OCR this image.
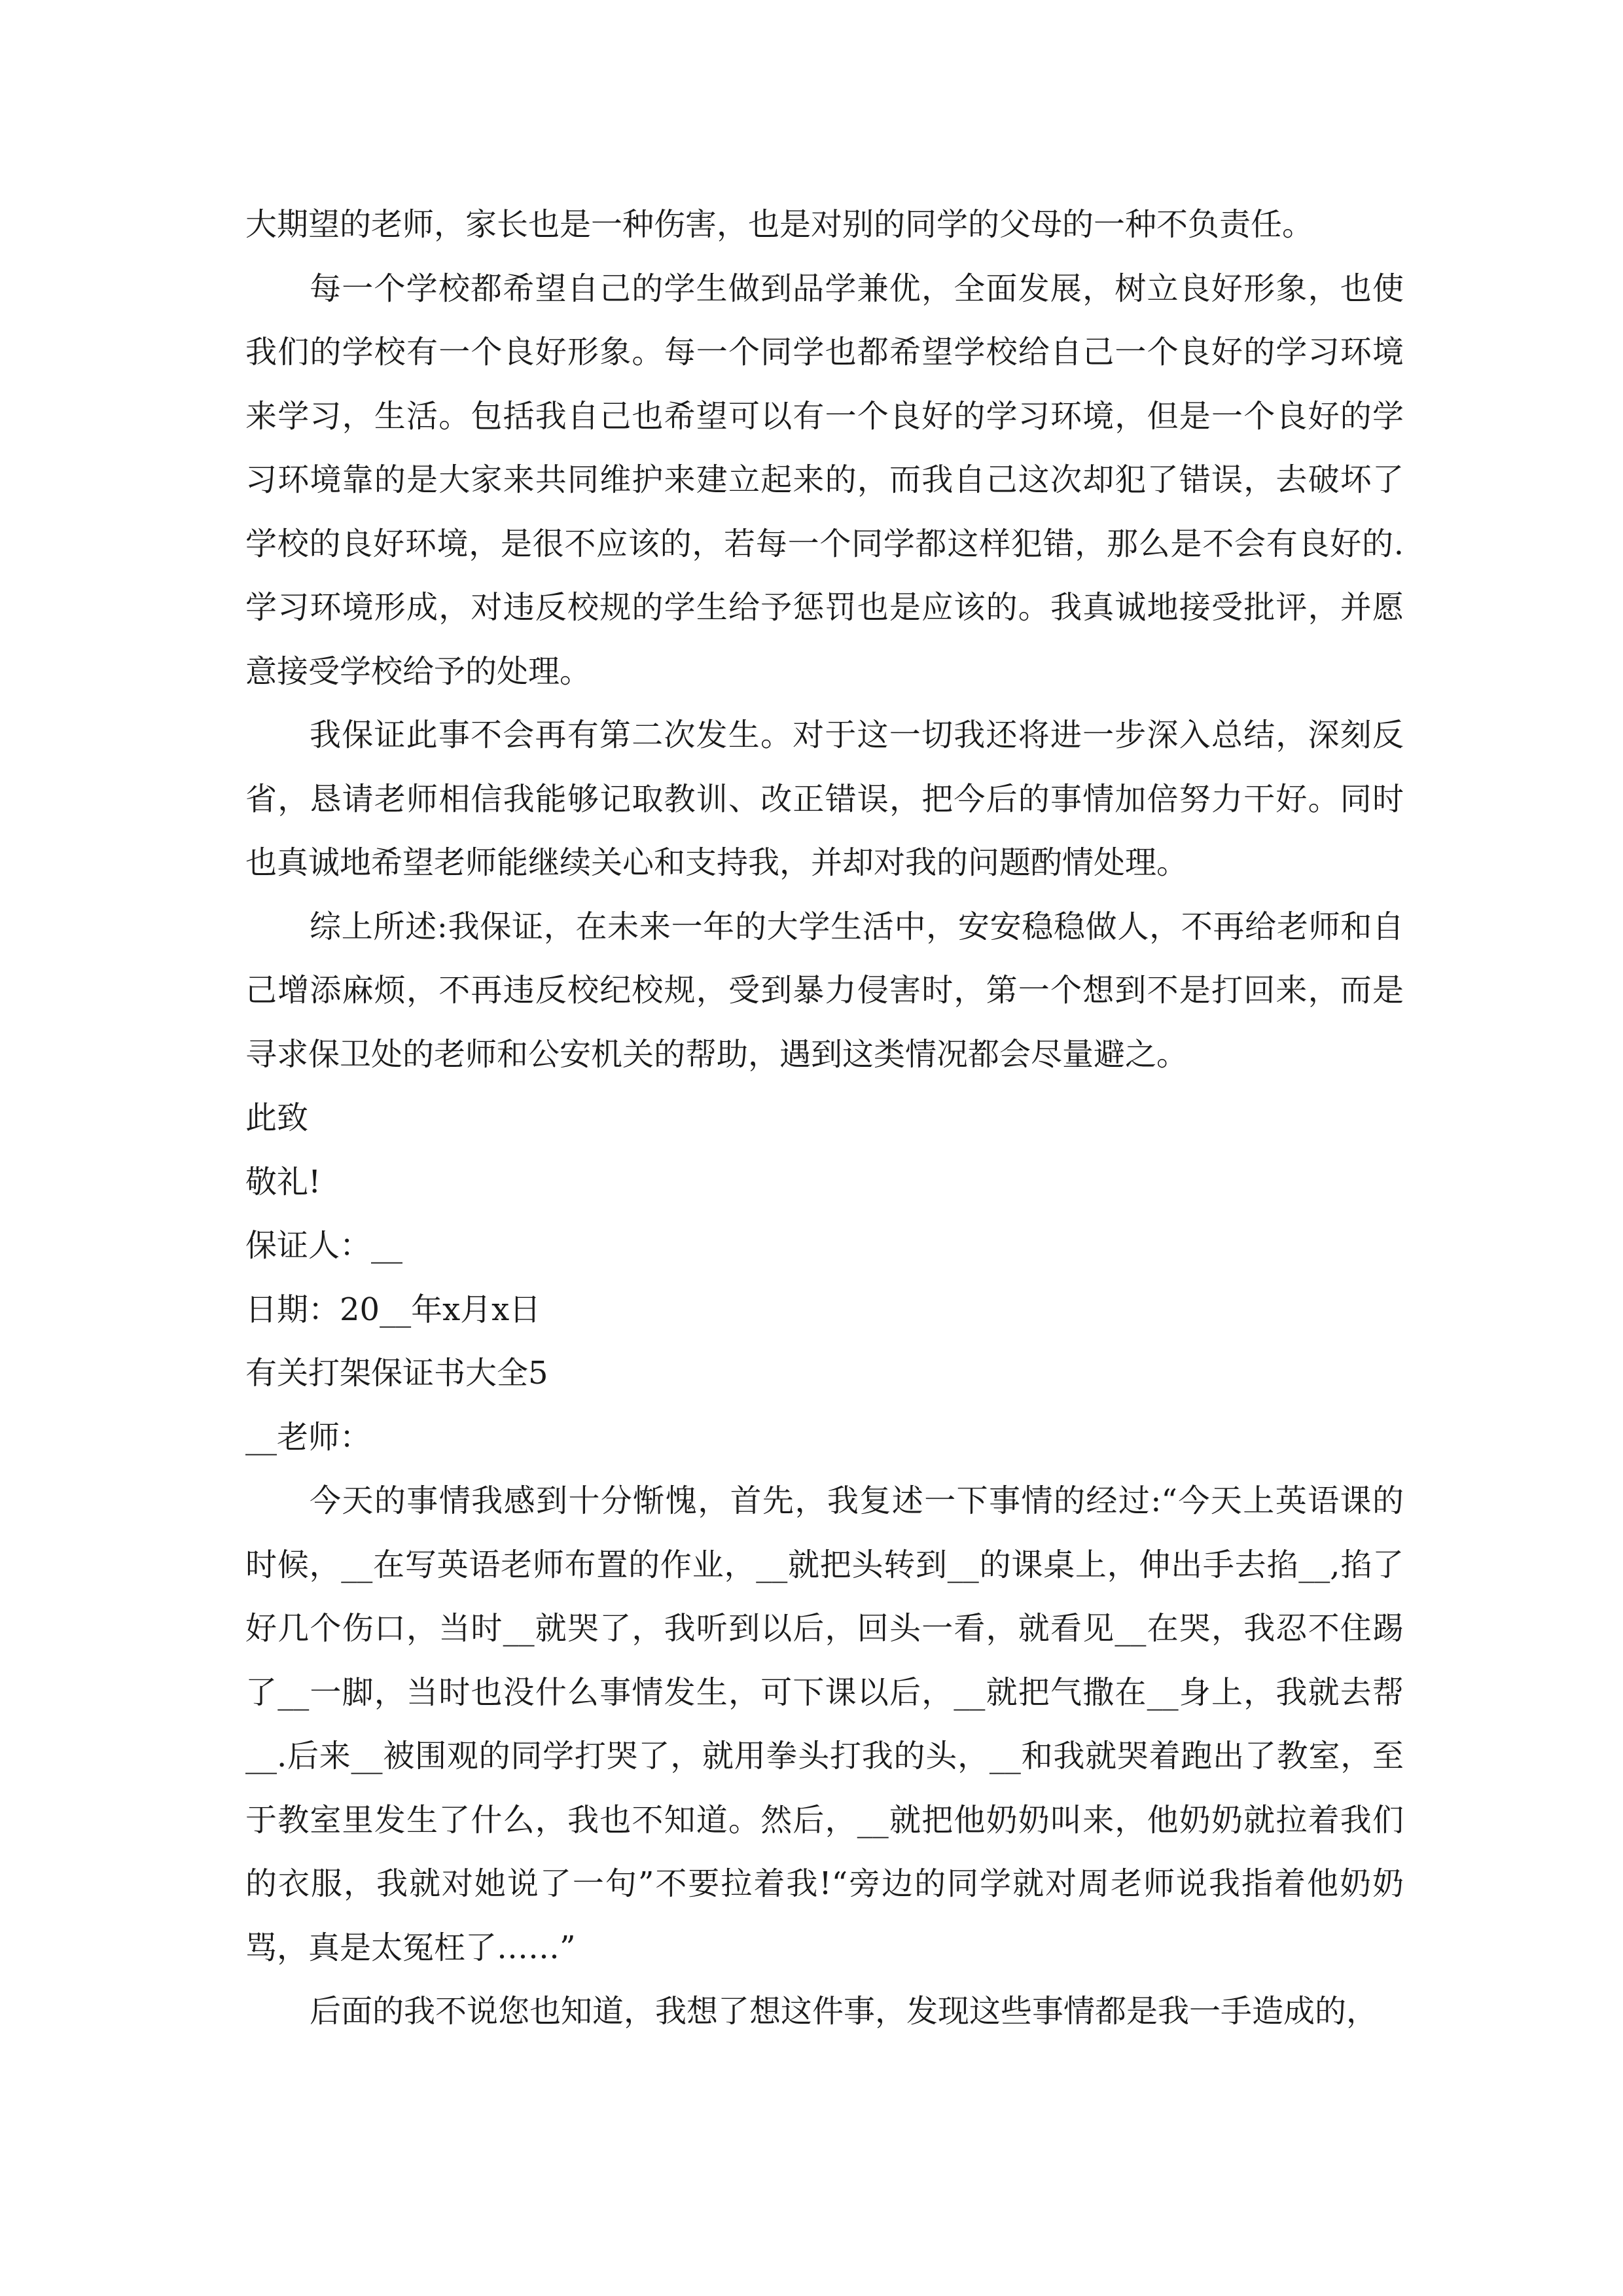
大期望的老师，家长也是一种伤害，也是对别的同学的父母的一种不负责任。

每一个学校都希望自己的学生做到品学兼优，全面发展，树立良好形象，也使我们的学校有一个良好形象。每一个同学也都希望学校给自己一个良好的学习环境来学习，生活。包括我自己也希望可以有一个良好的学习环境，但是一个良好的学习环境靠的是大家来共同维护来建立起来的，而我自己这次却犯了错误，去破坏了学校的良好环境，是很不应该的，若每一个同学都这样犯错，那么是不会有良好的.学习环境形成，对违反校规的学生给予惩罚也是应该的。我真诚地接受批评，并愿意接受学校给予的处理。

我保证此事不会再有第二次发生。对于这一切我还将进一步深入总结，深刻反省，恳请老师相信我能够记取教训、改正错误，把今后的事情加倍努力干好。同时也真诚地希望老师能继续关心和支持我，并却对我的问题酌情处理。

综上所述:我保证，在未来一年的大学生活中，安安稳稳做人，不再给老师和自己增添麻烦，不再违反校纪校规，受到暴力侵害时，第一个想到不是打回来，而是寻求保卫处的老师和公安机关的帮助，遇到这类情况都会尽量避之。

此致

敬礼!

保证人：__

日期：20__年x月x日

有关打架保证书大全5

__老师：

今天的事情我感到十分惭愧，首先，我复述一下事情的经过:“今天上英语课的时候，__在写英语老师布置的作业，__就把头转到__的课桌上，伸出手去掐__,掐了好几个伤口，当时__就哭了，我听到以后，回头一看，就看见__在哭，我忍不住踢了__一脚，当时也没什么事情发生，可下课以后，__就把气撒在__身上，我就去帮__.后来__被围观的同学打哭了，就用拳头打我的头，__和我就哭着跑出了教室，至于教室里发生了什么，我也不知道。然后，__就把他奶奶叫来，他奶奶就拉着我们的衣服，我就对她说了一句”不要拉着我!“旁边的同学就对周老师说我指着他奶奶骂，真是太冤枉了……”

后面的我不说您也知道，我想了想这件事，发现这些事情都是我一手造成的，
